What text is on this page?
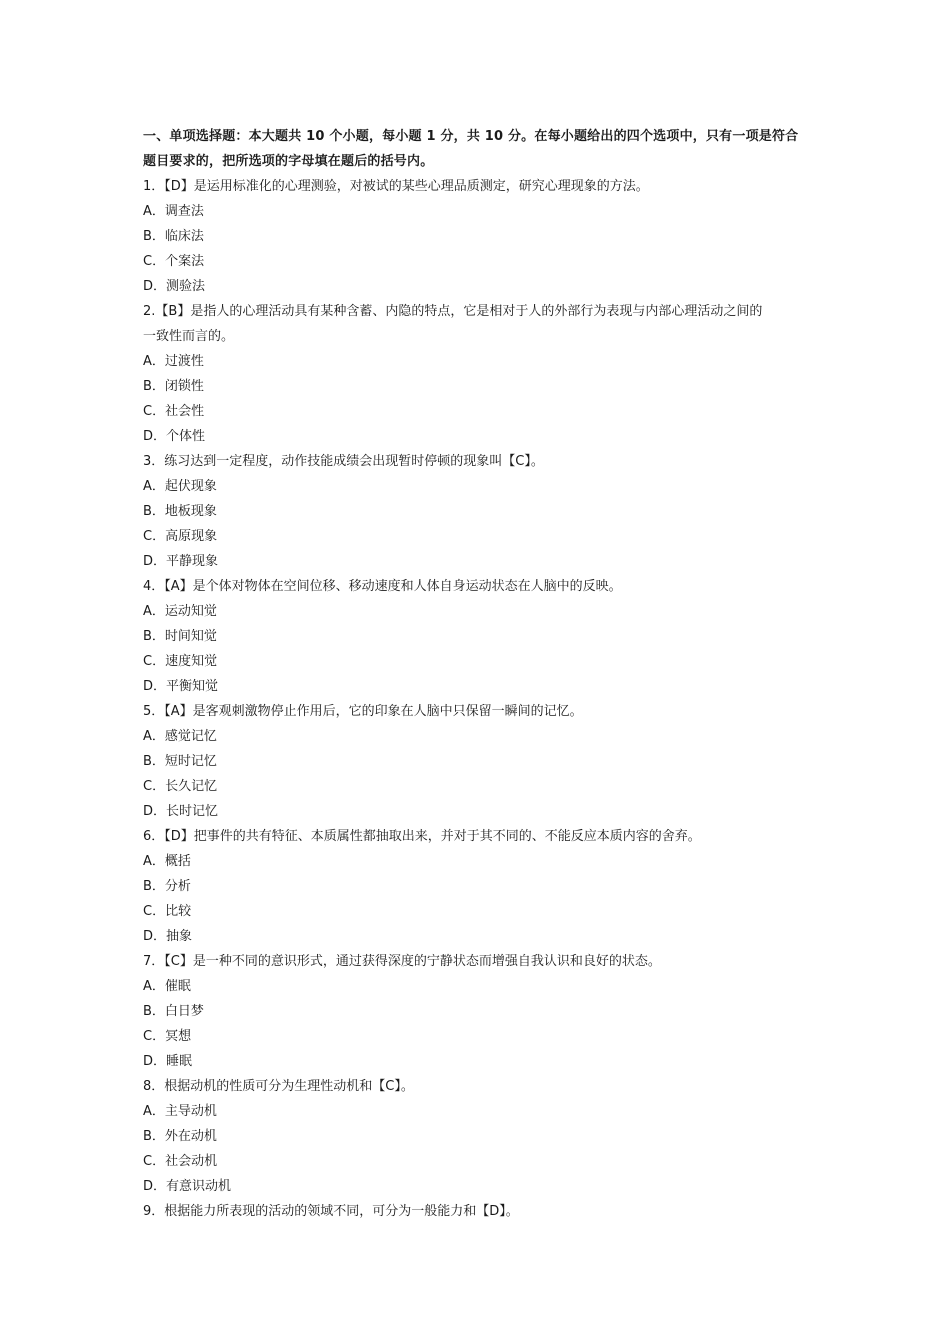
一、单项选择题：本大题共 10 个小题，每小题 1 分，共 10 分。在每小题给出的四个选项中，只有一项是符合

题目要求的，把所选项的字母填在题后的括号内。

1．【D】是运用标准化的心理测验，对被试的某些心理品质测定，研究心理现象的方法。

A．调查法

B．临床法

C．个案法

D．测验法

2.【B】是指人的心理活动具有某种含蓄、内隐的特点，它是相对于人的外部行为表现与内部心理活动之间的

一致性而言的。

A．过渡性

B．闭锁性

C．社会性

D．个体性

3．练习达到一定程度，动作技能成绩会出现暂时停顿的现象叫【C】。

A．起伏现象

B．地板现象

C．高原现象

D．平静现象

4．【A】是个体对物体在空间位移、移动速度和人体自身运动状态在人脑中的反映。

A．运动知觉

B．时间知觉

C．速度知觉

D．平衡知觉

5．【A】是客观刺激物停止作用后，它的印象在人脑中只保留一瞬间的记忆。

A．感觉记忆

B．短时记忆

C．长久记忆

D．长时记忆

6．【D】把事件的共有特征、本质属性都抽取出来，并对于其不同的、不能反应本质内容的舍弃。

A．概括

B．分析

C．比较

D．抽象

7．【C】是一种不同的意识形式，通过获得深度的宁静状态而增强自我认识和良好的状态。

A．催眠

B．白日梦

C．冥想

D．睡眠

8．根据动机的性质可分为生理性动机和【C】。

A．主导动机

B．外在动机

C．社会动机

D．有意识动机

9．根据能力所表现的活动的领域不同，可分为一般能力和【D】。
